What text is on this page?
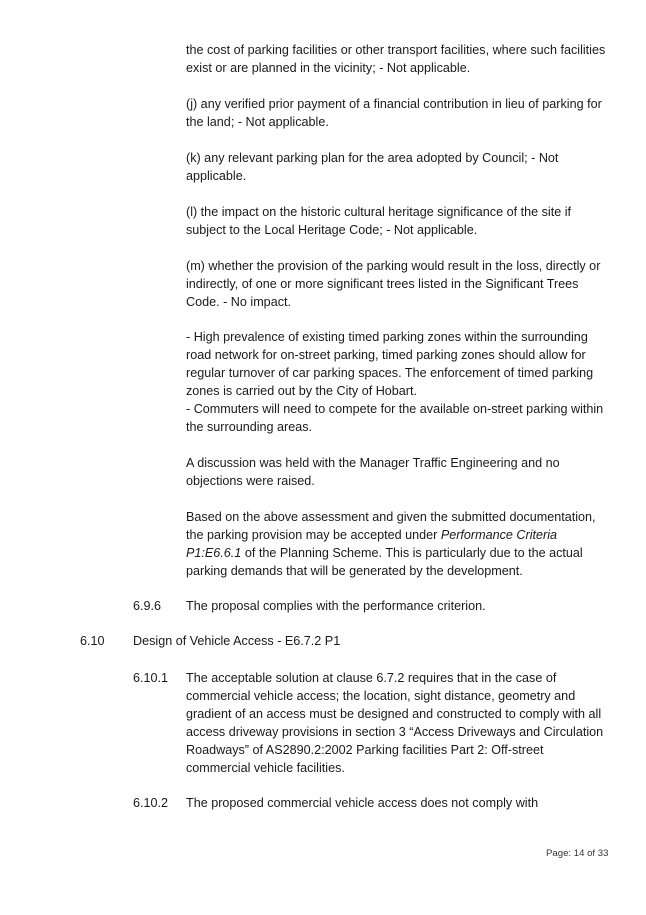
the cost of parking facilities or other transport facilities, where such facilities exist or are planned in the vicinity; - Not applicable.

(j) any verified prior payment of a financial contribution in lieu of parking for the land; - Not applicable.

(k) any relevant parking plan for the area adopted by Council; - Not applicable.

(l) the impact on the historic cultural heritage significance of the site if subject to the Local Heritage Code; - Not applicable.

(m) whether the provision of the parking would result in the loss, directly or indirectly, of one or more significant trees listed in the Significant Trees Code. - No impact.

- High prevalence of existing timed parking zones within the surrounding road network for on-street parking, timed parking zones should allow for regular turnover of car parking spaces. The enforcement of timed parking zones is carried out by the City of Hobart.

- Commuters will need to compete for the available on-street parking within the surrounding areas.

A discussion was held with the Manager Traffic Engineering and no objections were raised.

Based on the above assessment and given the submitted documentation, the parking provision may be accepted under Performance Criteria P1:E6.6.1 of the Planning Scheme. This is particularly due to the actual parking demands that will be generated by the development.

6.9.6 The proposal complies with the performance criterion.

6.10 Design of Vehicle Access - E6.7.2 P1

6.10.1 The acceptable solution at clause 6.7.2 requires that in the case of commercial vehicle access; the location, sight distance, geometry and gradient of an access must be designed and constructed to comply with all access driveway provisions in section 3 “Access Driveways and Circulation Roadways” of AS2890.2:2002 Parking facilities Part 2: Off-street commercial vehicle facilities.

6.10.2 The proposed commercial vehicle access does not comply with

Page: 14 of 33
